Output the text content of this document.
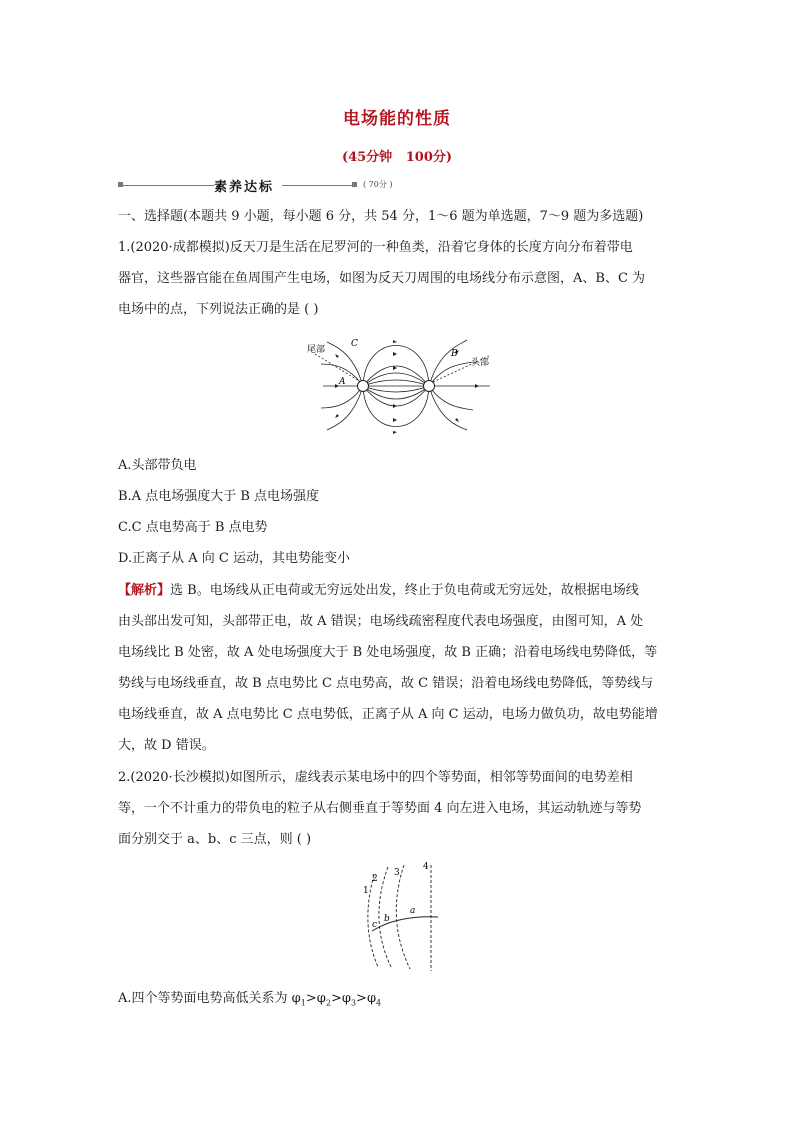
电场能的性质
(45分钟   100分)
素养达标	( 70分 )
一、选择题(本题共 9 小题，每小题 6 分，共 54 分，1～6 题为单选题，7～9 题为多选题)
1.(2020·成都模拟)反天刀是生活在尼罗河的一种鱼类，沿着它身体的长度方向分布着带电
器官，这些器官能在鱼周围产生电场，如图为反天刀周围的电场线分布示意图，A、B、C 为
电场中的点，下列说法正确的是 ( )
尾部
头部
C
B
A
A.头部带负电
B.A 点电场强度大于 B 点电场强度
C.C 点电势高于 B 点电势
D.正离子从 A 向 C 运动，其电势能变小
【解析】选 B。电场线从正电荷或无穷远处出发，终止于负电荷或无穷远处，故根据电场线
由头部出发可知，头部带正电，故 A 错误；电场线疏密程度代表电场强度，由图可知，A 处
电场线比 B 处密，故 A 处电场强度大于 B 处电场强度，故 B 正确；沿着电场线电势降低，等
势线与电场线垂直，故 B 点电势比 C 点电势高，故 C 错误；沿着电场线电势降低，等势线与
电场线垂直，故 A 点电势比 C 点电势低，正离子从 A 向 C 运动，电场力做负功，故电势能增
大，故 D 错误。
2.(2020·长沙模拟)如图所示，虚线表示某电场中的四个等势面，相邻等势面间的电势差相
等，一个不计重力的带负电的粒子从右侧垂直于等势面 4 向左进入电场，其运动轨迹与等势
面分别交于 a、b、c 三点，则 ( )
1
2
3
4
a
b
c
A.四个等势面电势高低关系为 $\varphi_1>\varphi_2>\varphi_3>\varphi_4$
